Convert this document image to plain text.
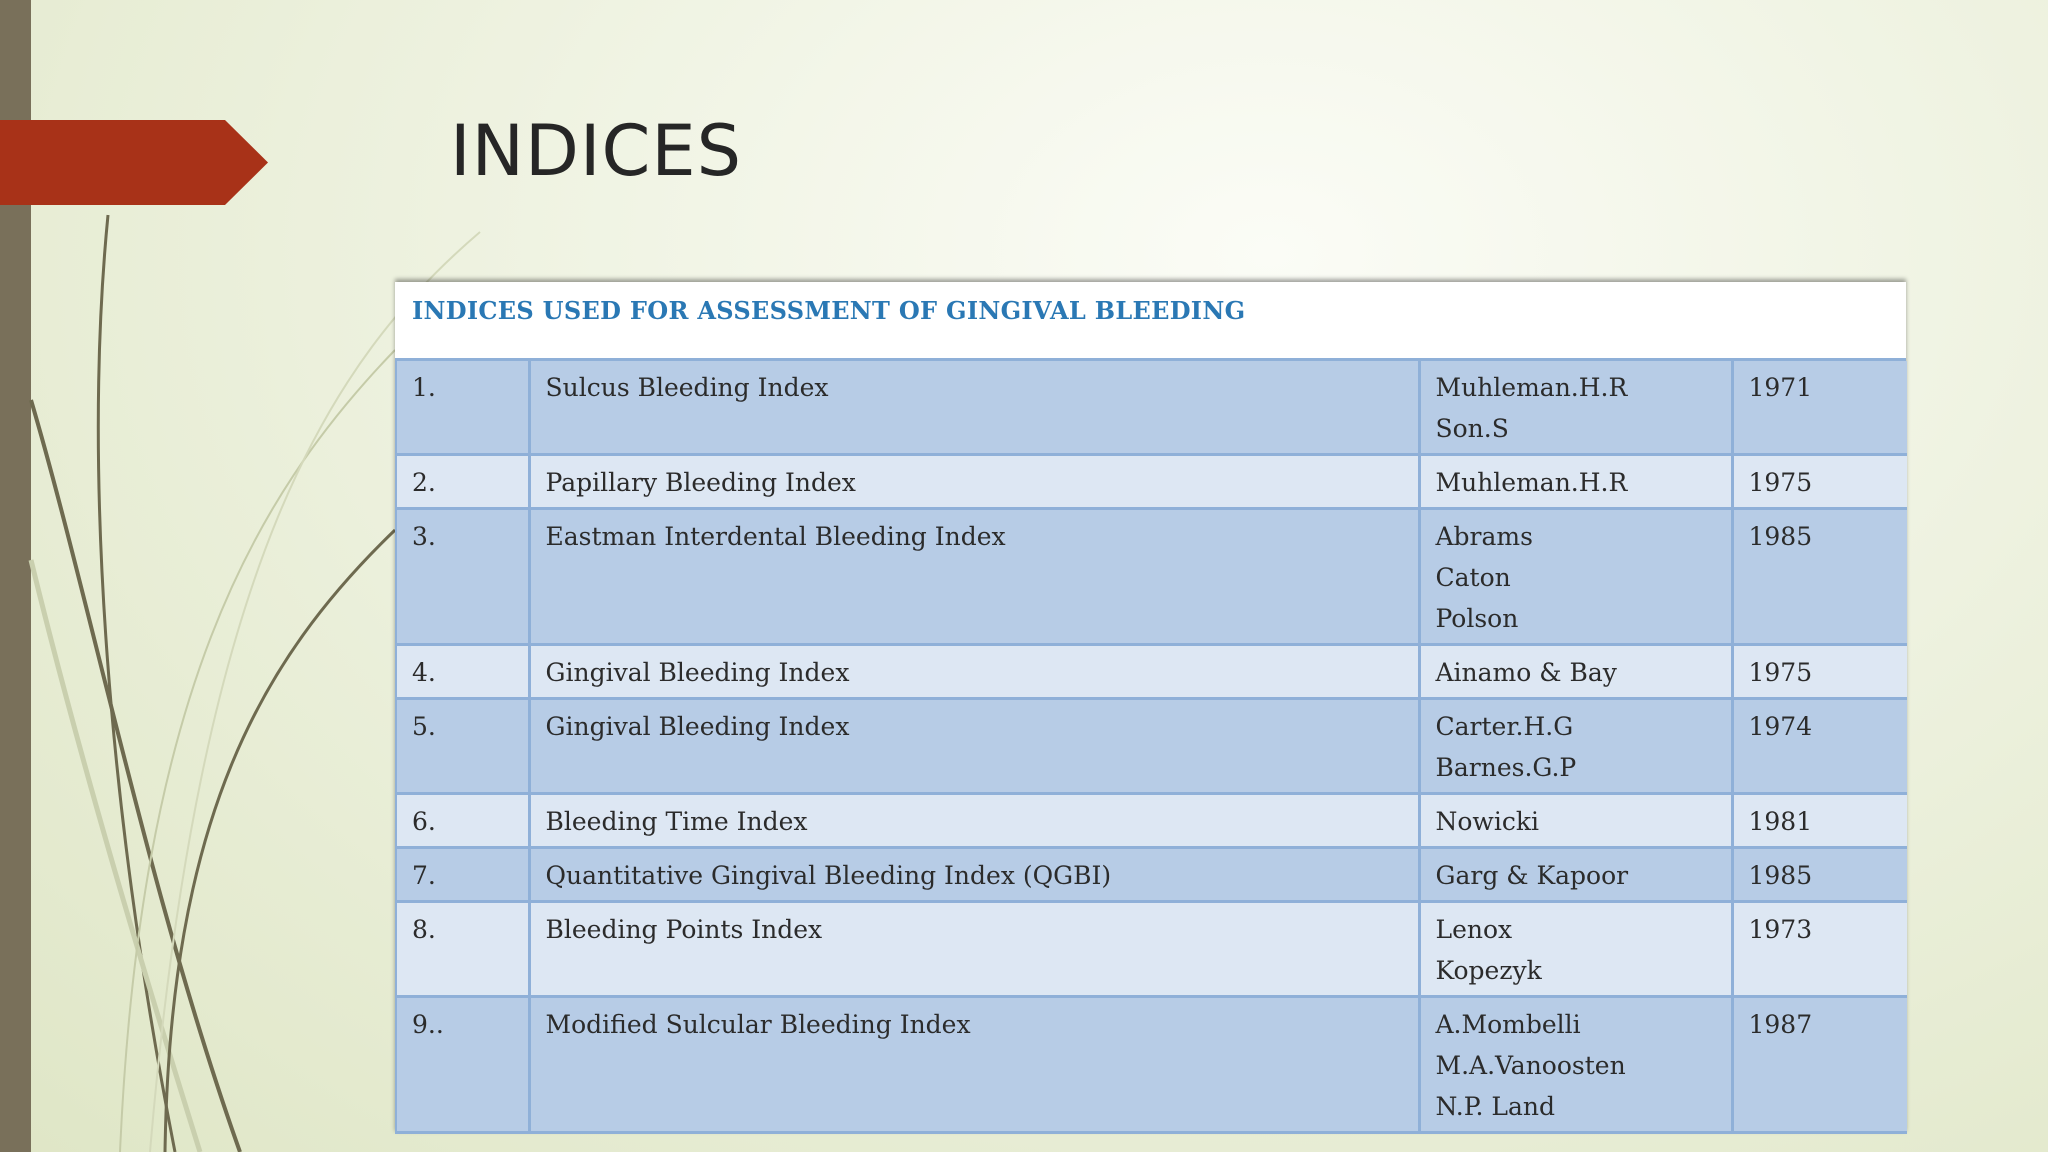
INDICES
INDICES USED FOR ASSESSMENT OF GINGIVAL BLEEDING
1.	Sulcus Bleeding Index	Muhleman.H.R
Son.S	1971
2.	Papillary Bleeding Index	Muhleman.H.R	1975
3.	Eastman Interdental Bleeding Index	Abrams
Caton
Polson	1985
4.	Gingival Bleeding Index	Ainamo & Bay	1975
5.	Gingival Bleeding Index	Carter.H.G
Barnes.G.P	1974
6.	Bleeding Time Index	Nowicki	1981
7.	Quantitative Gingival Bleeding Index (QGBI)	Garg & Kapoor	1985
8.	Bleeding Points Index	Lenox
Kopezyk	1973
9..	Modified Sulcular Bleeding Index	A.Mombelli
M.A.Vanoosten
N.P. Land	1987
